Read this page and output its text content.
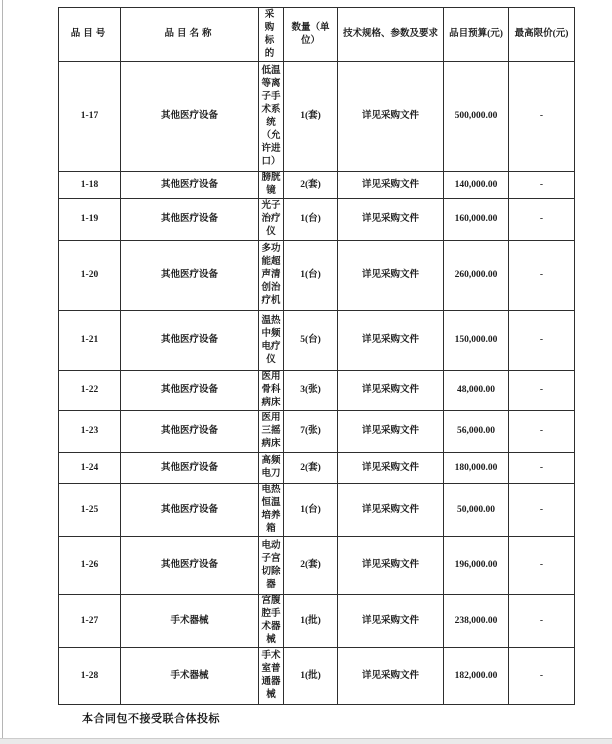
品目号	品目名称	采购标的	数量（单位）	技术规格、参数及要求	品目预算(元)	最高限价(元)
1-17	其他医疗设备	低温等离子手术系统（允许进口）	1(套)	详见采购文件	500,000.00	-
1-18	其他医疗设备	膀胱镜	2(套)	详见采购文件	140,000.00	-
1-19	其他医疗设备	光子治疗仪	1(台)	详见采购文件	160,000.00	-
1-20	其他医疗设备	多功能超声清创治疗机	1(台)	详见采购文件	260,000.00	-
1-21	其他医疗设备	温热中频电疗仪	5(台)	详见采购文件	150,000.00	-
1-22	其他医疗设备	医用骨科病床	3(张)	详见采购文件	48,000.00	-
1-23	其他医疗设备	医用三摇病床	7(张)	详见采购文件	56,000.00	-
1-24	其他医疗设备	高频电刀	2(套)	详见采购文件	180,000.00	-
1-25	其他医疗设备	电热恒温培养箱	1(台)	详见采购文件	50,000.00	-
1-26	其他医疗设备	电动子宫切除器	2(套)	详见采购文件	196,000.00	-
1-27	手术器械	宫腹腔手术器械	1(批)	详见采购文件	238,000.00	-
1-28	手术器械	手术室普通器械	1(批)	详见采购文件	182,000.00	-
本合同包不接受联合体投标
